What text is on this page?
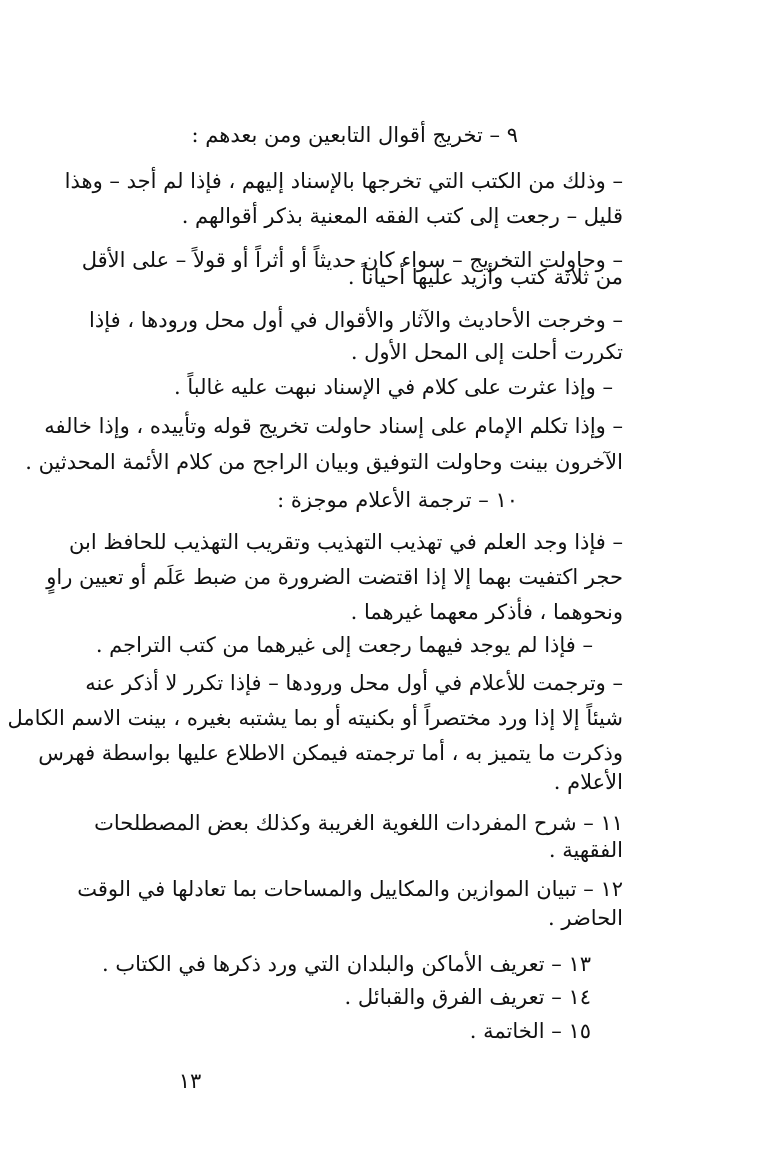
٩ – تخريج أقوال التابعين ومن بعدهم :
– وذلك من الكتب التي تخرجها بالإسناد إليهم ، فإذا لم أجد – وهذا
قليل – رجعت إلى كتب الفقه المعنية بذكر أقوالهم .
– وحاولت التخريج – سواء كان حديثاً أو أثراً أو قولاً – على الأقل
من ثلاثة كتب وأزيد عليها أحياناً .
– وخرجت الأحاديث والآثار والأقوال في أول محل ورودها ، فإذا
تكررت أحلت إلى المحل الأول .
– وإذا عثرت على كلام في الإسناد نبهت عليه غالباً .
– وإذا تكلم الإمام على إسناد حاولت تخريج قوله وتأييده ، وإذا خالفه
الآخرون بينت وحاولت التوفيق وبيان الراجح من كلام الأئمة المحدثين .
١٠ – ترجمة الأعلام موجزة :
– فإذا وجد العلم في تهذيب التهذيب وتقريب التهذيب للحافظ ابن
حجر اكتفيت بهما إلا إذا اقتضت الضرورة من ضبط عَلَم أو تعيين راوٍ
ونحوهما ، فأذكر معهما غيرهما .
– فإذا لم يوجد فيهما رجعت إلى غيرهما من كتب التراجم .
– وترجمت للأعلام في أول محل ورودها – فإذا تكرر لا أذكر عنه
شيئاً إلا إذا ورد مختصراً أو بكنيته أو بما يشتبه بغيره ، بينت الاسم الكامل
وذكرت ما يتميز به ، أما ترجمته فيمكن الاطلاع عليها بواسطة فهرس
الأعلام .
١١ – شرح المفردات اللغوية الغريبة وكذلك بعض المصطلحات
الفقهية .
١٢ – تبيان الموازين والمكاييل والمساحات بما تعادلها في الوقت
الحاضر .
١٣ – تعريف الأماكن والبلدان التي ورد ذكرها في الكتاب .
١٤ – تعريف الفرق والقبائل .
١٥ – الخاتمة .
١٣
